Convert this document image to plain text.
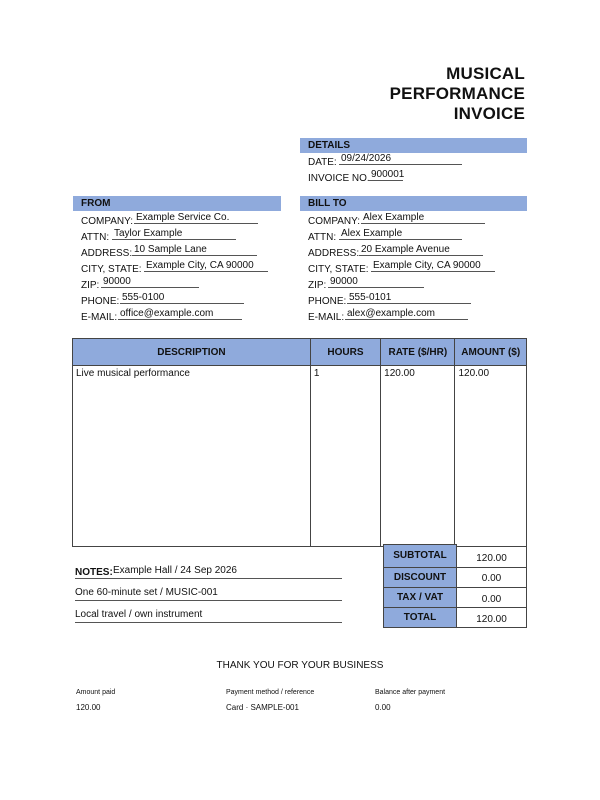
MUSICAL
PERFORMANCE
INVOICE
DETAILS
DATE: 09/24/2026
INVOICE NO. 900001
FROM
COMPANY: Example Service Co.
ATTN: Taylor Example
ADDRESS: 10 Sample Lane
CITY, STATE: Example City, CA 90000
ZIP: 90000
PHONE: 555-0100
E-MAIL: office@example.com
BILL TO
COMPANY: Alex Example
ATTN: Alex Example
ADDRESS: 20 Example Avenue
CITY, STATE: Example City, CA 90000
ZIP: 90000
PHONE: 555-0101
E-MAIL: alex@example.com
DESCRIPTION	HOURS	RATE ($/HR)	AMOUNT ($)
Live musical performance	1	120.00	120.00
SUBTOTAL	120.00
DISCOUNT	0.00
TAX / VAT	0.00
TOTAL	120.00
NOTES: Example Hall / 24 Sep 2026
One 60-minute set / MUSIC-001
Local travel / own instrument
THANK YOU FOR YOUR BUSINESS
Amount paid
120.00
Payment method / reference
Card · SAMPLE-001
Balance after payment
0.00
